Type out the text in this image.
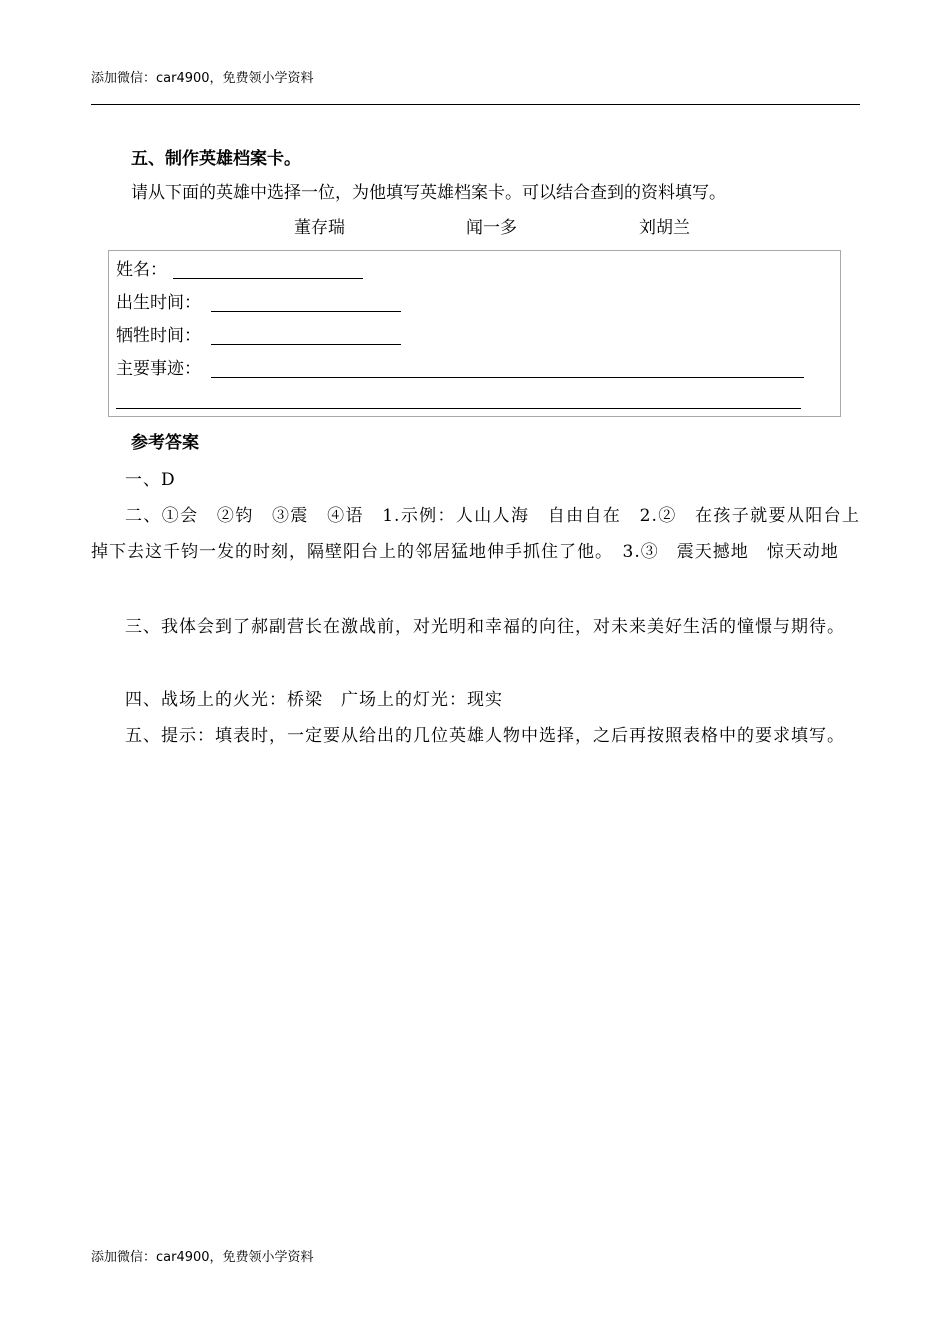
添加微信：car4900，免费领小学资料
五、制作英雄档案卡。
请从下面的英雄中选择一位，为他填写英雄档案卡。可以结合查到的资料填写。
董存瑞	闻一多	刘胡兰
姓名：
出生时间：
牺牲时间：
主要事迹：
参考答案
一、D
二、①会　②钧　③震　④语　1.示例：人山人海　自由自在　2.②　在孩子就要从阳台上掉下去这千钧一发的时刻，隔壁阳台上的邻居猛地伸手抓住了他。　3.③　震天撼地　惊天动地
三、我体会到了郝副营长在激战前，对光明和幸福的向往，对未来美好生活的憧憬与期待。
四、战场上的火光：桥梁　广场上的灯光：现实
五、提示：填表时，一定要从给出的几位英雄人物中选择，之后再按照表格中的要求填写。
添加微信：car4900，免费领小学资料
